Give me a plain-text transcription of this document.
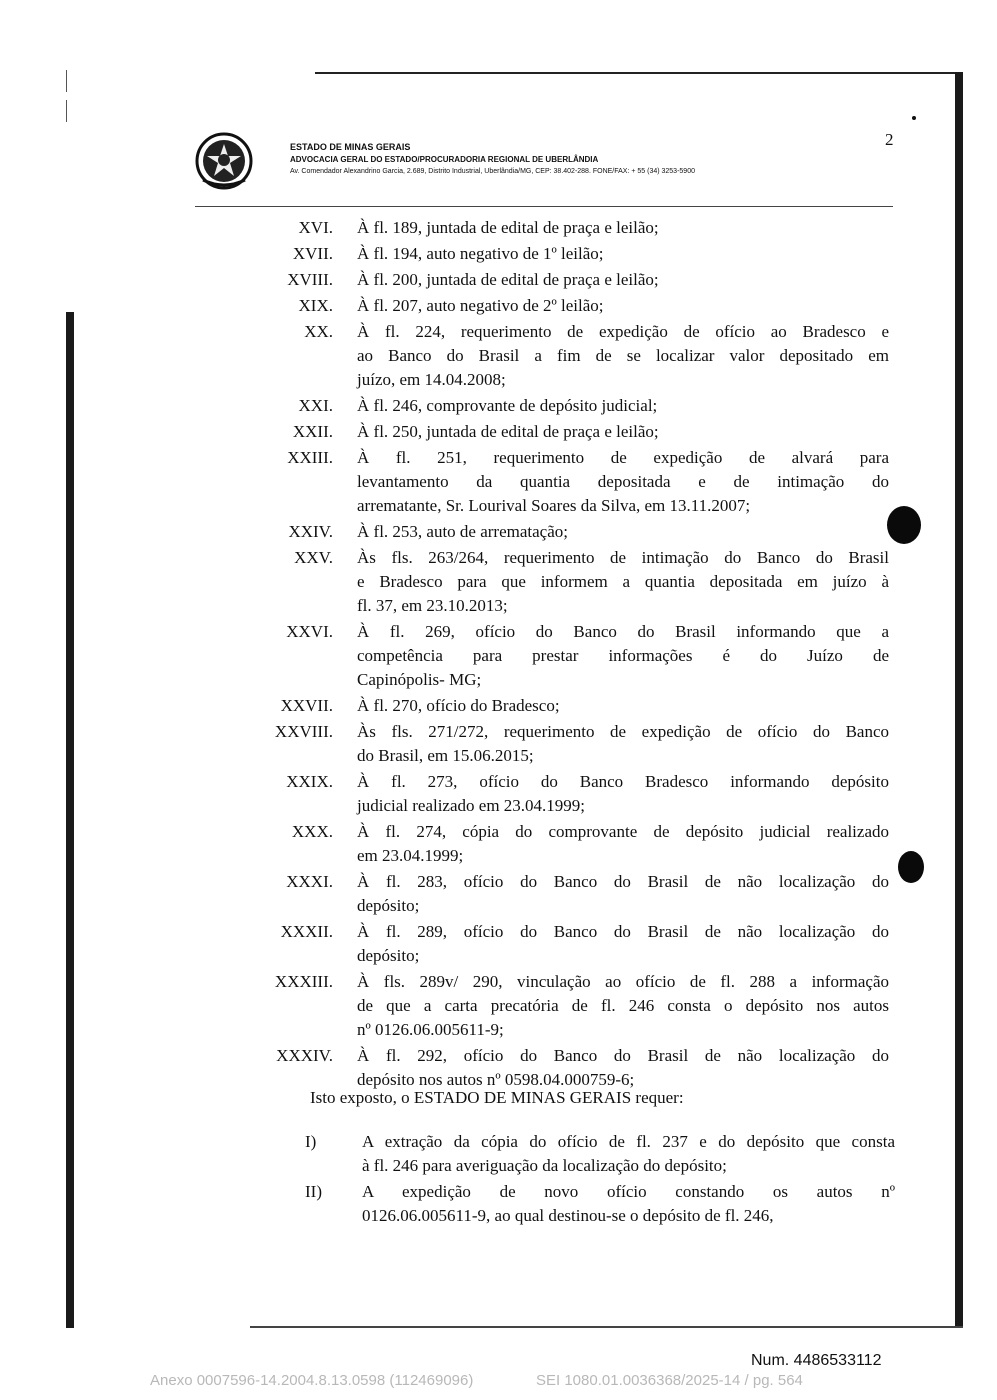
ESTADO DE MINAS GERAIS
ADVOCACIA GERAL DO ESTADO/PROCURADORIA REGIONAL DE UBERLÂNDIA
Av. Comendador Alexandrino Garcia, 2.689, Distrito Industrial, Uberlândia/MG, CEP: 38.402-288. FONE/FAX: + 55 (34) 3253-5900
2
XVI.	À fl. 189, juntada de edital de praça e leilão;
XVII.	À fl. 194, auto negativo de 1º leilão;
XVIII.	À fl. 200, juntada de edital de praça e leilão;
XIX.	À fl. 207, auto negativo de 2º leilão;
XX.	À fl. 224, requerimento de expedição de ofício ao Bradesco e
ao Banco do Brasil a fim de se localizar valor depositado em
juízo, em 14.04.2008;
XXI.	À fl. 246, comprovante de depósito judicial;
XXII.	À fl. 250, juntada de edital de praça e leilão;
XXIII.	À fl. 251, requerimento de expedição de alvará para
levantamento da quantia depositada e de intimação do
arrematante, Sr. Lourival Soares da Silva, em 13.11.2007;
XXIV.	À fl. 253, auto de arrematação;
XXV.	Às fls. 263/264, requerimento de intimação do Banco do Brasil
e Bradesco para que informem a quantia depositada em juízo à
fl. 37, em 23.10.2013;
XXVI.	À fl. 269, ofício do Banco do Brasil informando que a
competência para prestar informações é do Juízo de
Capinópolis- MG;
XXVII.	À fl. 270, ofício do Bradesco;
XXVIII.	Às fls. 271/272, requerimento de expedição de ofício do Banco
do Brasil, em 15.06.2015;
XXIX.	À fl. 273, ofício do Banco Bradesco informando depósito
judicial realizado em 23.04.1999;
XXX.	À fl. 274, cópia do comprovante de depósito judicial realizado
em 23.04.1999;
XXXI.	À fl. 283, ofício do Banco do Brasil de não localização do
depósito;
XXXII.	À fl. 289, ofício do Banco do Brasil de não localização do
depósito;
XXXIII.	À fls. 289v/ 290, vinculação ao ofício de fl. 288 a informação
de que a carta precatória de fl. 246 consta o depósito nos autos
nº 0126.06.005611-9;
XXXIV.	À fl. 292, ofício do Banco do Brasil de não localização do
depósito nos autos nº 0598.04.000759-6;
Isto exposto, o ESTADO DE MINAS GERAIS requer:
I)	A extração da cópia do ofício de fl. 237 e do depósito que consta
à fl. 246 para averiguação da localização do depósito;
II)	A expedição de novo ofício constando os autos nº
0126.06.005611-9, ao qual destinou-se o depósito de fl. 246,
Num. 4486533112
Anexo 0007596-14.2004.8.13.0598 (112469096)	SEI 1080.01.0036368/2025-14 / pg. 564
